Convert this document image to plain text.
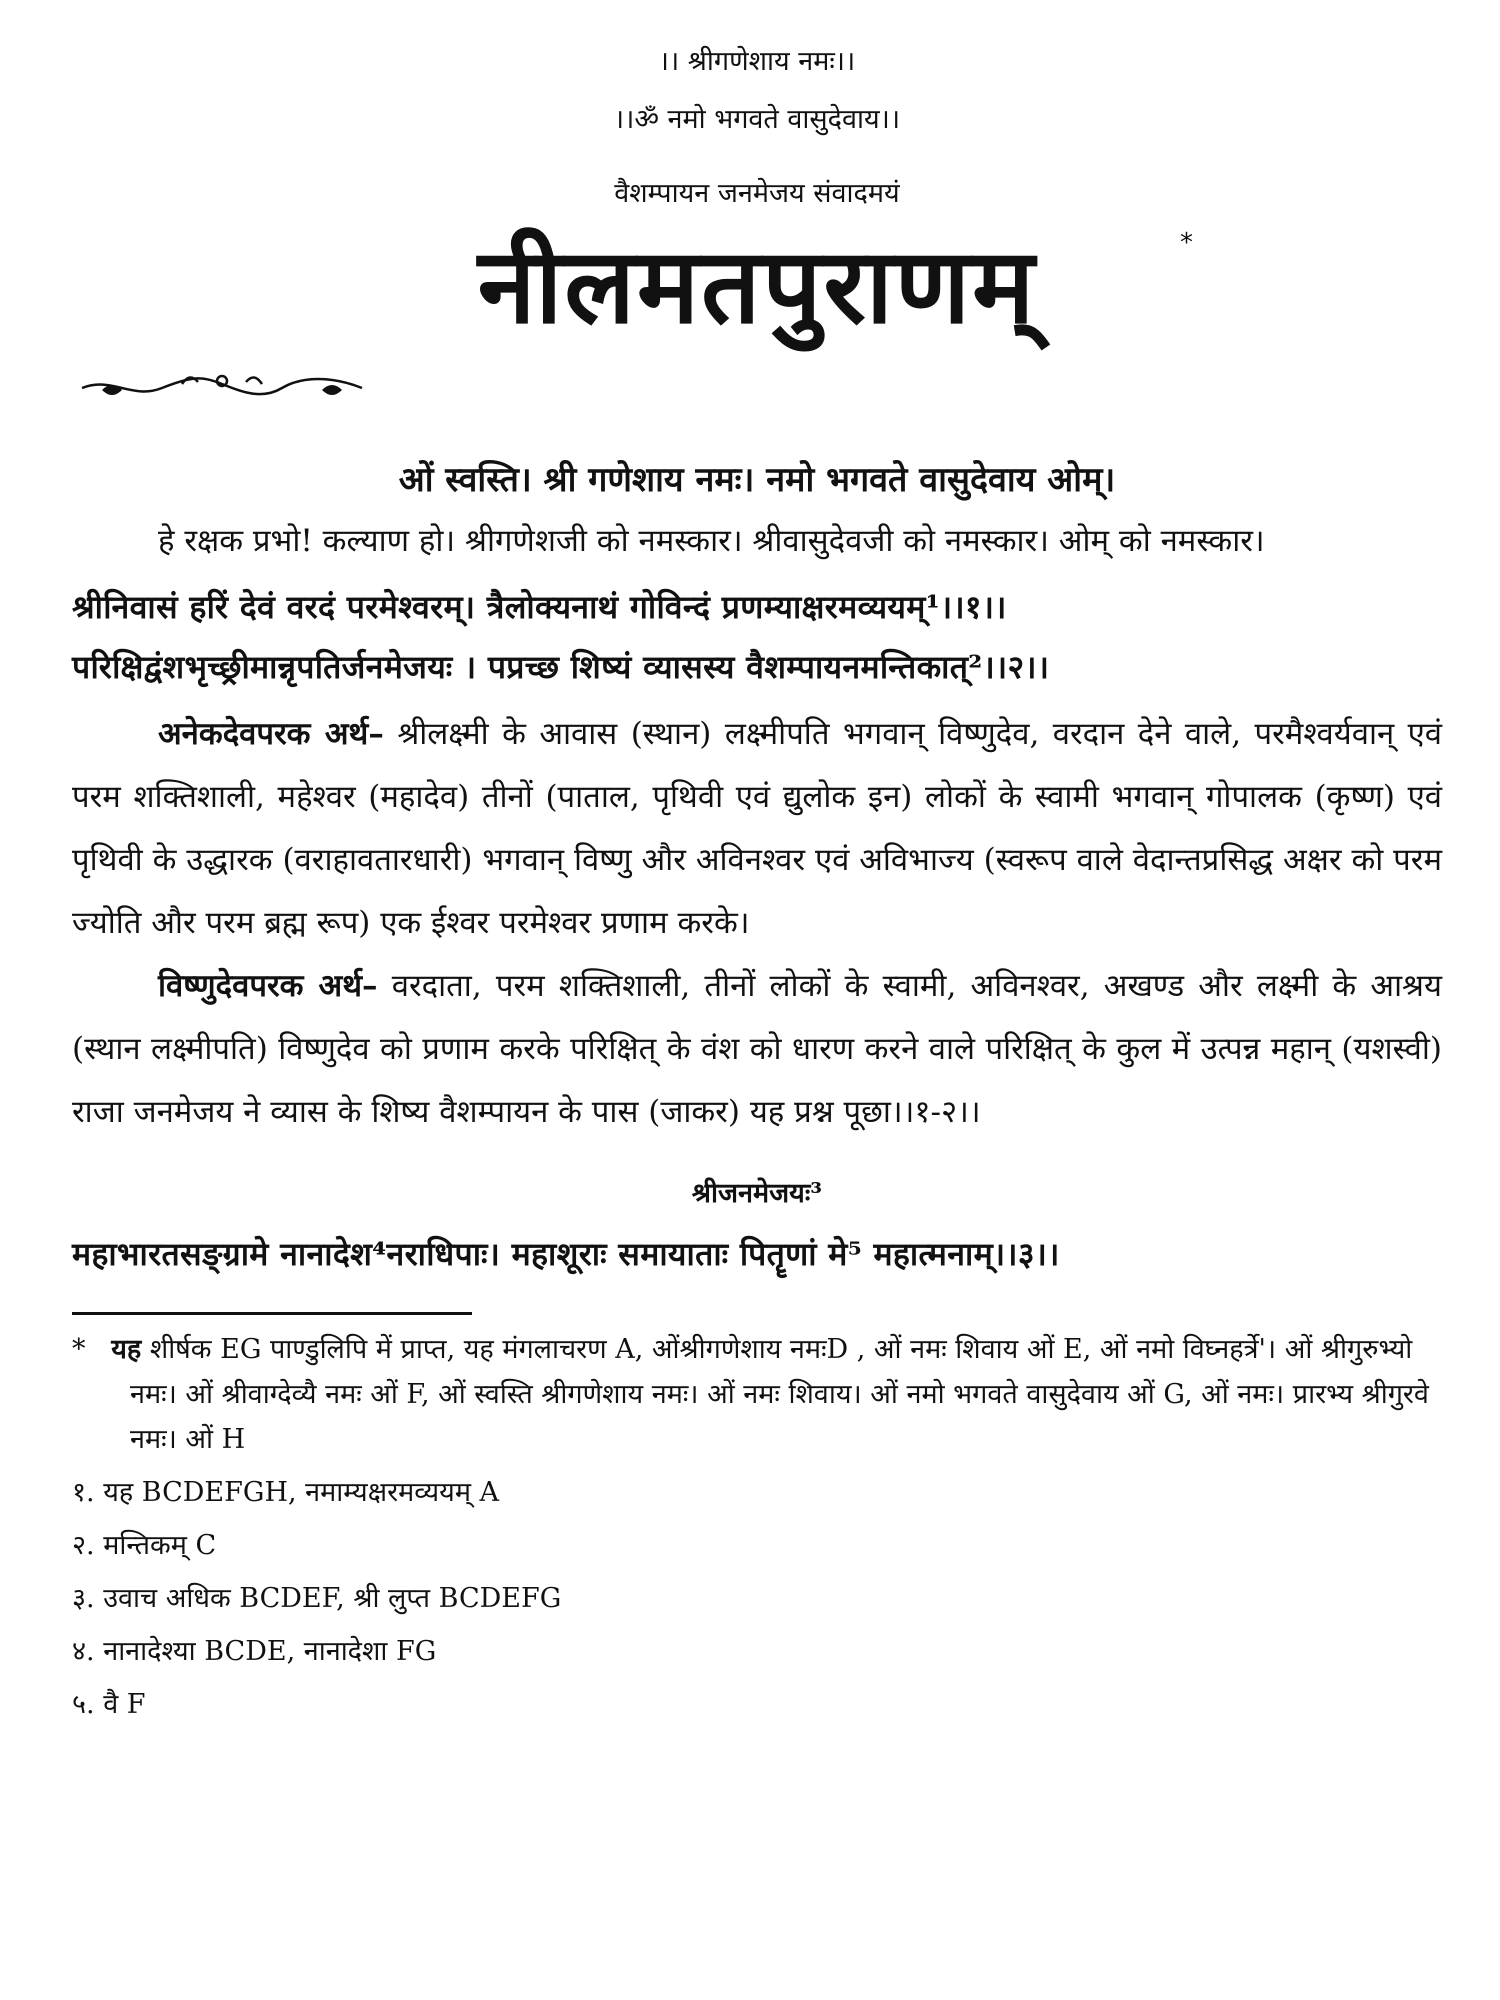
।। श्रीगणेशाय नमः।।
।।ॐ नमो भगवते वासुदेवाय।।
वैशम्पायन जनमेजय संवादमयं
नीलमतपुराणम्	*
ओं स्वस्ति। श्री गणेशाय नमः। नमो भगवते वासुदेवाय ओम्।

हे रक्षक प्रभो! कल्याण हो। श्रीगणेशजी को नमस्कार। श्रीवासुदेवजी को नमस्कार। ओम् को नमस्कार।

श्रीनिवासं हरिं देवं वरदं परमेश्वरम्। त्रैलोक्यनाथं गोविन्दं प्रणम्याक्षरमव्ययम्¹।।१।।
परिक्षिद्वंशभृच्छ्रीमान्नृपतिर्जनमेजयः । पप्रच्छ शिष्यं व्यासस्य वैशम्पायनमन्तिकात्²।।२।।

अनेकदेवपरक अर्थ– श्रीलक्ष्मी के आवास (स्थान) लक्ष्मीपति भगवान् विष्णुदेव, वरदान देने वाले, परमैश्वर्यवान् एवं परम शक्तिशाली, महेश्वर (महादेव) तीनों (पाताल, पृथिवी एवं द्युलोक इन) लोकों के स्वामी भगवान् गोपालक (कृष्ण) एवं पृथिवी के उद्धारक (वराहावतारधारी) भगवान् विष्णु और अविनश्वर एवं अविभाज्य (स्वरूप वाले वेदान्तप्रसिद्ध अक्षर को परम ज्योति और परम ब्रह्म रूप) एक ईश्वर परमेश्वर प्रणाम करके।

विष्णुदेवपरक अर्थ– वरदाता, परम शक्तिशाली, तीनों लोकों के स्वामी, अविनश्वर, अखण्ड और लक्ष्मी के आश्रय (स्थान लक्ष्मीपति) विष्णुदेव को प्रणाम करके परिक्षित् के वंश को धारण करने वाले परिक्षित् के कुल में उत्पन्न महान् (यशस्वी) राजा जनमेजय ने व्यास के शिष्य वैशम्पायन के पास (जाकर) यह प्रश्न पूछा।।१-२।।

श्रीजनमेजयः³
महाभारतसङ्ग्रामे नानादेश⁴नराधिपाः। महाशूराः समायाताः पितॄणां मे⁵ महात्मनाम्।।३।।
* यह शीर्षक EG पाण्डुलिपि में प्राप्त, यह मंगलाचरण A, ओंश्रीगणेशाय नमःD , ओं नमः शिवाय ओं E, ओं नमो विघ्नहर्त्रे'। ओं श्रीगुरुभ्यो नमः। ओं श्रीवाग्देव्यै नमः ओं F, ओं स्वस्ति श्रीगणेशाय नमः। ओं नमः शिवाय। ओं नमो भगवते वासुदेवाय ओं G, ओं नमः। प्रारभ्य श्रीगुरवे नमः। ओं H
१. यह BCDEFGH, नमाम्यक्षरमव्ययम् A
२. मन्तिकम् C
३. उवाच अधिक BCDEF, श्री लुप्त BCDEFG
४. नानादेश्या BCDE, नानादेशा FG
५. वै F
